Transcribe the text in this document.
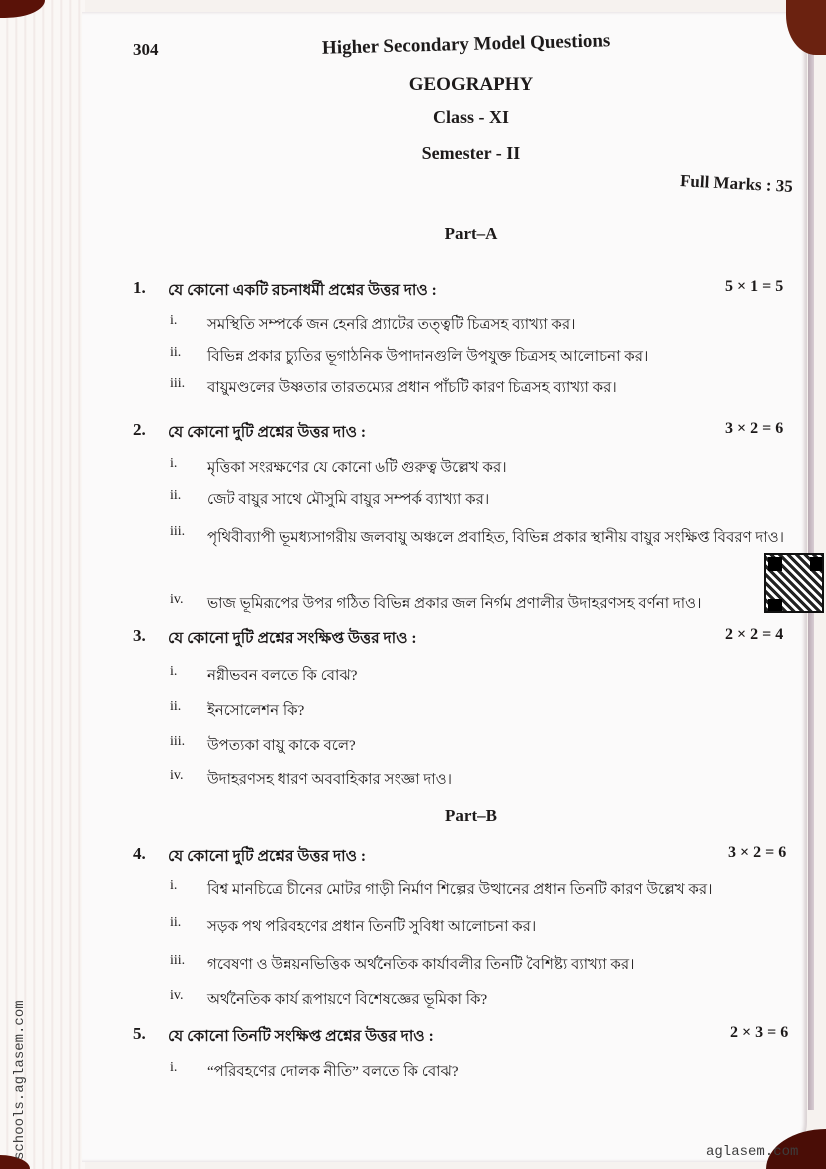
304	Higher Secondary Model Questions
GEOGRAPHY
Class - XI
Semester - II
Full Marks : 35
Part–A
1.	যে কোনো একটি রচনাধর্মী প্রশ্নের উত্তর দাও :	5 × 1 = 5
i.	সমস্থিতি সম্পর্কে জন হেনরি প্র্যাটের তত্ত্বটি চিত্রসহ ব্যাখ্যা কর।
ii.	বিভিন্ন প্রকার চ্যুতির ভূগাঠনিক উপাদানগুলি উপযুক্ত চিত্রসহ আলোচনা কর।
iii.	বায়ুমণ্ডলের উষ্ণতার তারতম্যের প্রধান পাঁচটি কারণ চিত্রসহ ব্যাখ্যা কর।
2.	যে কোনো দুটি প্রশ্নের উত্তর দাও :	3 × 2 = 6
i.	মৃত্তিকা সংরক্ষণের যে কোনো ৬টি গুরুত্ব উল্লেখ কর।
ii.	জেট বায়ুর সাথে মৌসুমি বায়ুর সম্পর্ক ব্যাখ্যা কর।
iii.	পৃথিবীব্যাপী ভূমধ্যসাগরীয় জলবায়ু অঞ্চলে প্রবাহিত, বিভিন্ন প্রকার স্থানীয় বায়ুর সংক্ষিপ্ত বিবরণ দাও।
iv.	ভাজ ভূমিরূপের উপর গঠিত বিভিন্ন প্রকার জল নির্গম প্রণালীর উদাহরণসহ বর্ণনা দাও।
3.	যে কোনো দুটি প্রশ্নের সংক্ষিপ্ত উত্তর দাও :	2 × 2 = 4
i.	নগ্নীভবন বলতে কি বোঝ?
ii.	ইনসোলেশন কি?
iii.	উপত্যকা বায়ু কাকে বলে?
iv.	উদাহরণসহ ধারণ অববাহিকার সংজ্ঞা দাও।
Part–B
4.	যে কোনো দুটি প্রশ্নের উত্তর দাও :	3 × 2 = 6
i.	বিশ্ব মানচিত্রে চীনের মোটর গাড়ী নির্মাণ শিল্পের উত্থানের প্রধান তিনটি কারণ উল্লেখ কর।
ii.	সড়ক পথ পরিবহণের প্রধান তিনটি সুবিধা আলোচনা কর।
iii.	গবেষণা ও উন্নয়নভিত্তিক অর্থনৈতিক কার্যাবলীর তিনটি বৈশিষ্ট্য ব্যাখ্যা কর।
iv.	অর্থনৈতিক কার্য রূপায়ণে বিশেষজ্ঞের ভূমিকা কি?
5.	যে কোনো তিনটি সংক্ষিপ্ত প্রশ্নের উত্তর দাও :	2 × 3 = 6
i.	“পরিবহণের দোলক নীতি” বলতে কি বোঝ?
schools.aglasem.com	aglasem.com
